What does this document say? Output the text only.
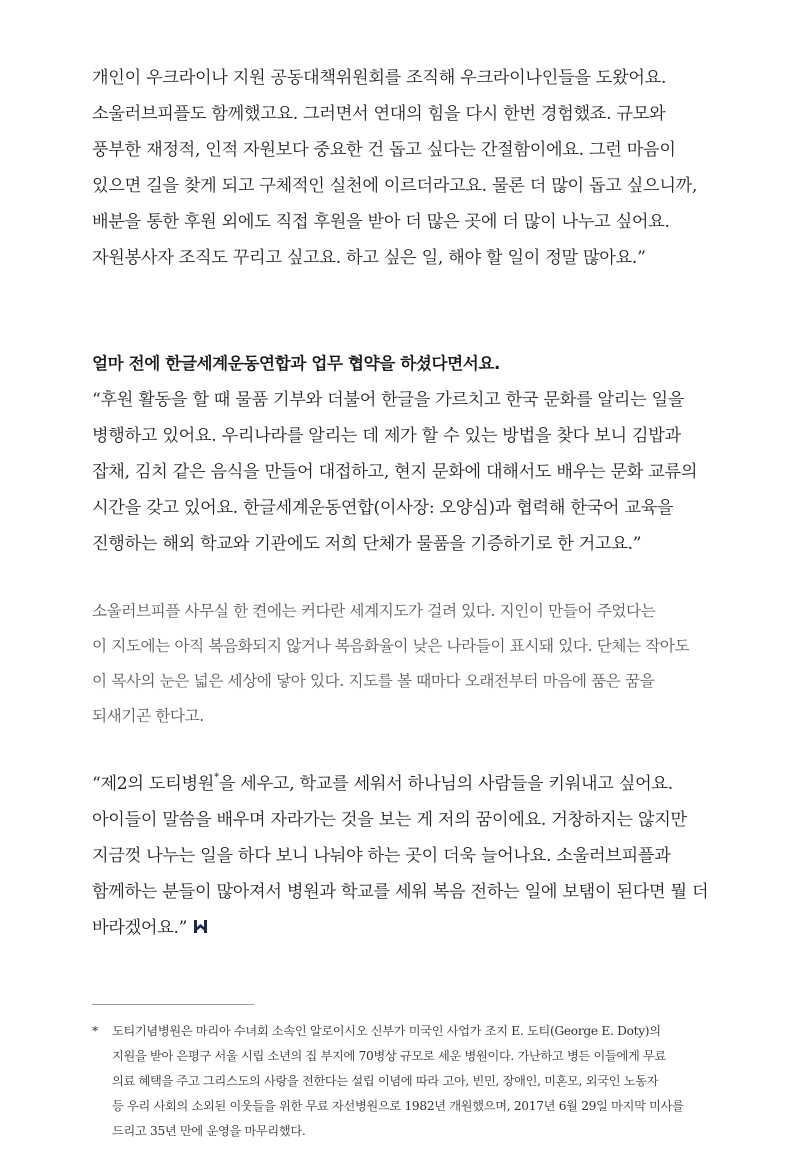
개인이 우크라이나 지원 공동대책위원회를 조직해 우크라이나인들을 도왔어요.
소울러브피플도 함께했고요. 그러면서 연대의 힘을 다시 한번 경험했죠. 규모와
풍부한 재정적, 인적 자원보다 중요한 건 돕고 싶다는 간절함이에요. 그런 마음이
있으면 길을 찾게 되고 구체적인 실천에 이르더라고요. 물론 더 많이 돕고 싶으니까,
배분을 통한 후원 외에도 직접 후원을 받아 더 많은 곳에 더 많이 나누고 싶어요.
자원봉사자 조직도 꾸리고 싶고요. 하고 싶은 일, 해야 할 일이 정말 많아요.”

얼마 전에 한글세계운동연합과 업무 협약을 하셨다면서요.

“후원 활동을 할 때 물품 기부와 더불어 한글을 가르치고 한국 문화를 알리는 일을
병행하고 있어요. 우리나라를 알리는 데 제가 할 수 있는 방법을 찾다 보니 김밥과
잡채, 김치 같은 음식을 만들어 대접하고, 현지 문화에 대해서도 배우는 문화 교류의
시간을 갖고 있어요. 한글세계운동연합(이사장: 오양심)과 협력해 한국어 교육을
진행하는 해외 학교와 기관에도 저희 단체가 물품을 기증하기로 한 거고요.”
소울러브피플 사무실 한 켠에는 커다란 세계지도가 걸려 있다. 지인이 만들어 주었다는
이 지도에는 아직 복음화되지 않거나 복음화율이 낮은 나라들이 표시돼 있다. 단체는 작아도
이 목사의 눈은 넓은 세상에 닿아 있다. 지도를 볼 때마다 오래전부터 마음에 품은 꿈을
되새기곤 한다고.
“제2의 도티병원*을 세우고, 학교를 세워서 하나님의 사람들을 키워내고 싶어요.
아이들이 말씀을 배우며 자라가는 것을 보는 게 저의 꿈이에요. 거창하지는 않지만
지금껏 나누는 일을 하다 보니 나눠야 하는 곳이 더욱 늘어나요. 소울러브피플과
함께하는 분들이 많아져서 병원과 학교를 세워 복음 전하는 일에 보탬이 된다면 뭘 더
바라겠어요.”
* 도티기념병원은 마리아 수녀회 소속인 알로이시오 신부가 미국인 사업가 조지 E. 도티(George E. Doty)의
지원을 받아 은평구 서울 시립 소년의 집 부지에 70병상 규모로 세운 병원이다. 가난하고 병든 이들에게 무료
의료 혜택을 주고 그리스도의 사랑을 전한다는 설립 이념에 따라 고아, 빈민, 장애인, 미혼모, 외국인 노동자
등 우리 사회의 소외된 이웃들을 위한 무료 자선병원으로 1982년 개원했으며, 2017년 6월 29일 마지막 미사를
드리고 35년 만에 운영을 마무리했다.
